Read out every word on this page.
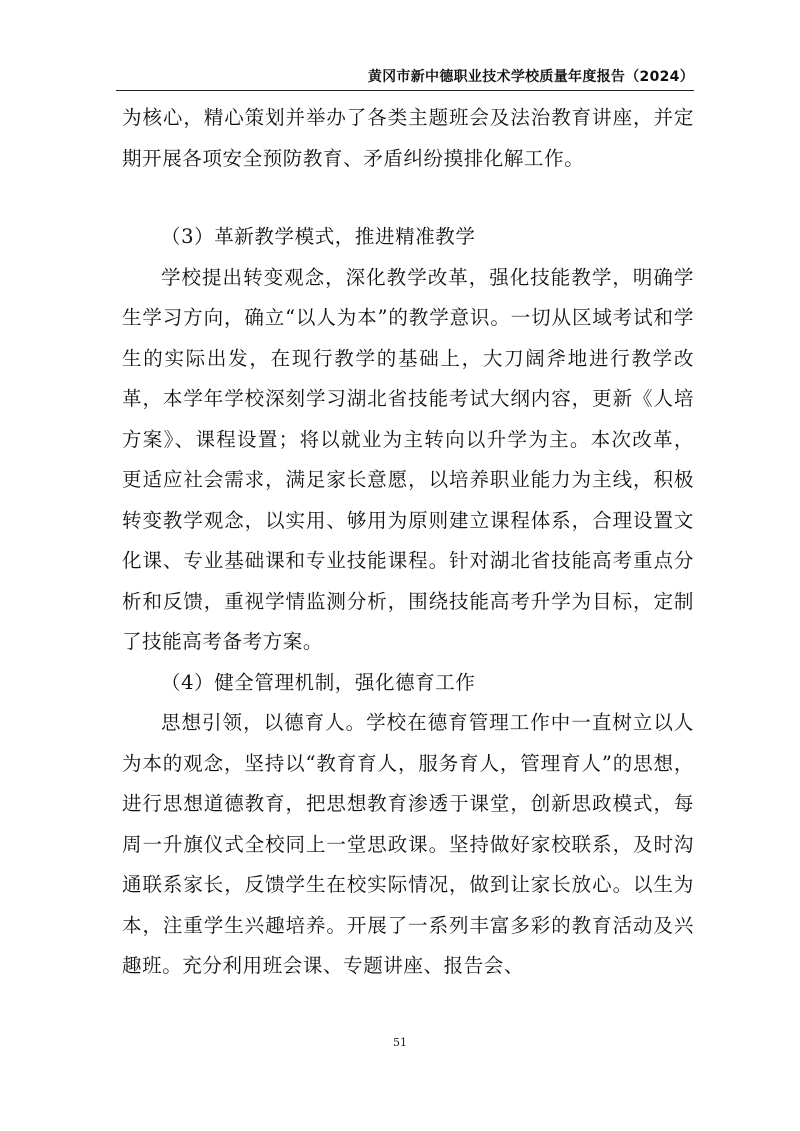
黄冈市新中德职业技术学校质量年度报告（2024）

为核心，精心策划并举办了各类主题班会及法治教育讲座，并定期开展各项安全预防教育、矛盾纠纷摸排化解工作。

（3）革新教学模式，推进精准教学

学校提出转变观念，深化教学改革，强化技能教学，明确学生学习方向，确立“以人为本”的教学意识。一切从区域考试和学生的实际出发，在现行教学的基础上，大刀阔斧地进行教学改革，本学年学校深刻学习湖北省技能考试大纲内容，更新《人培方案》、课程设置；将以就业为主转向以升学为主。本次改革，更适应社会需求，满足家长意愿，以培养职业能力为主线，积极转变教学观念，以实用、够用为原则建立课程体系，合理设置文化课、专业基础课和专业技能课程。针对湖北省技能高考重点分析和反馈，重视学情监测分析，围绕技能高考升学为目标，定制了技能高考备考方案。

（4）健全管理机制，强化德育工作

思想引领，以德育人。学校在德育管理工作中一直树立以人为本的观念，坚持以“教育育人，服务育人，管理育人”的思想，进行思想道德教育，把思想教育渗透于课堂，创新思政模式，每周一升旗仪式全校同上一堂思政课。坚持做好家校联系，及时沟通联系家长，反馈学生在校实际情况，做到让家长放心。以生为本，注重学生兴趣培养。开展了一系列丰富多彩的教育活动及兴趣班。充分利用班会课、专题讲座、报告会、

51
